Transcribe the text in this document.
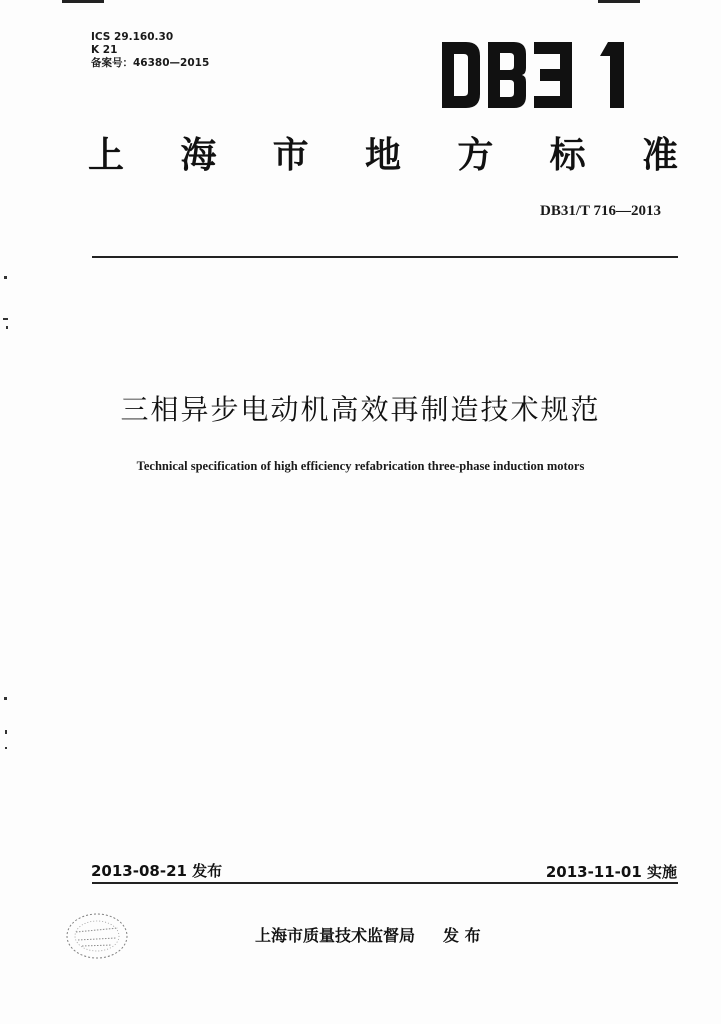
ICS 29.160.30
K 21
备案号：46380—2015
上 海 市 地 方 标 准
DB31/T 716—2013
三相异步电动机高效再制造技术规范
Technical specification of high efficiency refabrication three-phase induction motors
2013-08-21 发布	2013-11-01 实施
上海市质量技术监督局 发 布
